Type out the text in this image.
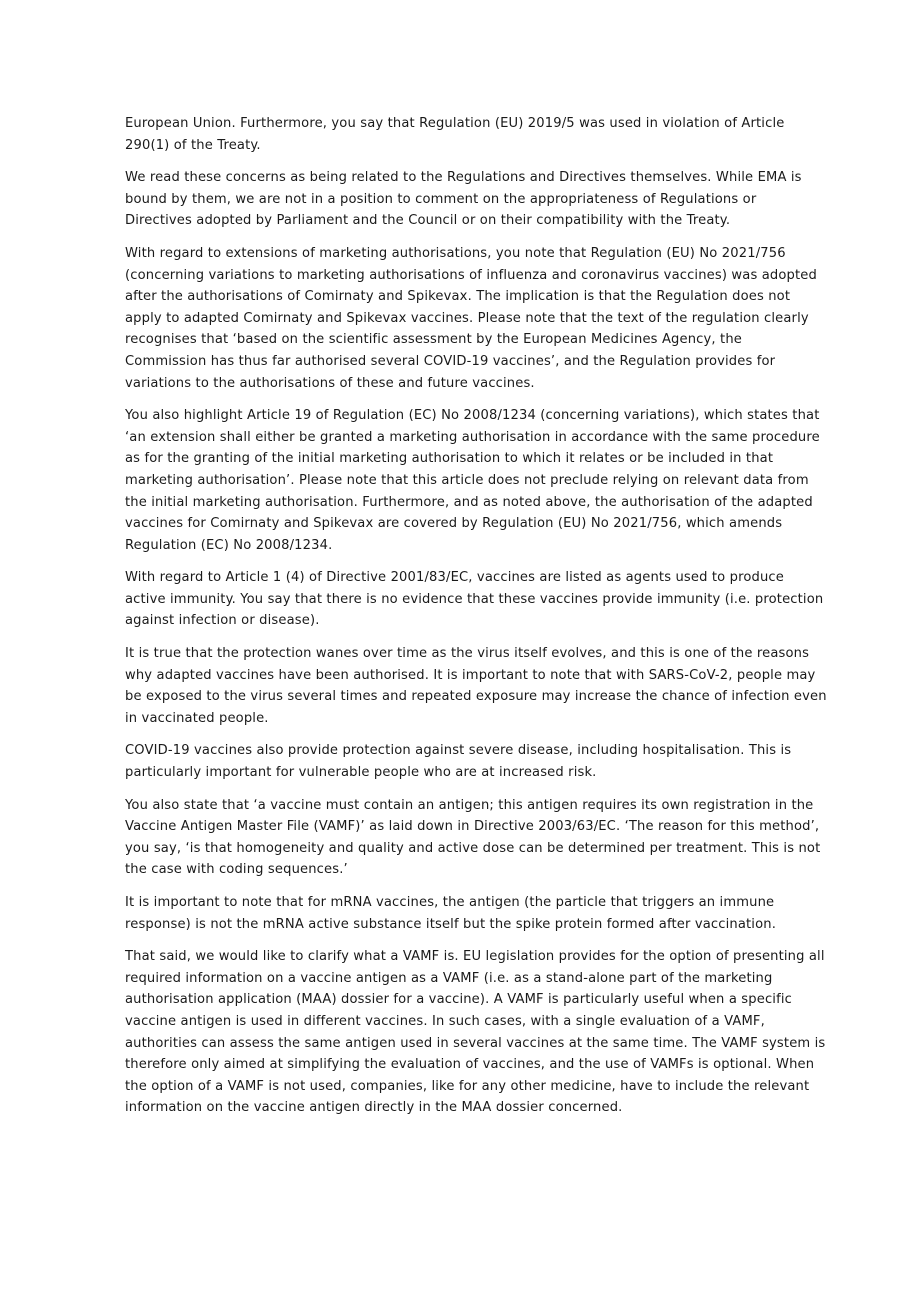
European Union. Furthermore, you say that Regulation (EU) 2019/5 was used in violation of Article 290(1) of the Treaty.

We read these concerns as being related to the Regulations and Directives themselves. While EMA is bound by them, we are not in a position to comment on the appropriateness of Regulations or Directives adopted by Parliament and the Council or on their compatibility with the Treaty.

With regard to extensions of marketing authorisations, you note that Regulation (EU) No 2021/756 (concerning variations to marketing authorisations of influenza and coronavirus vaccines) was adopted after the authorisations of Comirnaty and Spikevax. The implication is that the Regulation does not apply to adapted Comirnaty and Spikevax vaccines. Please note that the text of the regulation clearly recognises that ‘based on the scientific assessment by the European Medicines Agency, the Commission has thus far authorised several COVID-19 vaccines’, and the Regulation provides for variations to the authorisations of these and future vaccines.

You also highlight Article 19 of Regulation (EC) No 2008/1234 (concerning variations), which states that ‘an extension shall either be granted a marketing authorisation in accordance with the same procedure as for the granting of the initial marketing authorisation to which it relates or be included in that marketing authorisation’. Please note that this article does not preclude relying on relevant data from the initial marketing authorisation. Furthermore, and as noted above, the authorisation of the adapted vaccines for Comirnaty and Spikevax are covered by Regulation (EU) No 2021/756, which amends Regulation (EC) No 2008/1234.

With regard to Article 1 (4) of Directive 2001/83/EC, vaccines are listed as agents used to produce active immunity. You say that there is no evidence that these vaccines provide immunity (i.e. protection against infection or disease).

It is true that the protection wanes over time as the virus itself evolves, and this is one of the reasons why adapted vaccines have been authorised. It is important to note that with SARS-CoV-2, people may be exposed to the virus several times and repeated exposure may increase the chance of infection even in vaccinated people.

COVID-19 vaccines also provide protection against severe disease, including hospitalisation. This is particularly important for vulnerable people who are at increased risk.

You also state that ‘a vaccine must contain an antigen; this antigen requires its own registration in the Vaccine Antigen Master File (VAMF)’ as laid down in Directive 2003/63/EC. ‘The reason for this method’, you say, ‘is that homogeneity and quality and active dose can be determined per treatment. This is not the case with coding sequences.’

It is important to note that for mRNA vaccines, the antigen (the particle that triggers an immune response) is not the mRNA active substance itself but the spike protein formed after vaccination.

That said, we would like to clarify what a VAMF is. EU legislation provides for the option of presenting all required information on a vaccine antigen as a VAMF (i.e. as a stand-alone part of the marketing authorisation application (MAA) dossier for a vaccine). A VAMF is particularly useful when a specific vaccine antigen is used in different vaccines. In such cases, with a single evaluation of a VAMF, authorities can assess the same antigen used in several vaccines at the same time. The VAMF system is therefore only aimed at simplifying the evaluation of vaccines, and the use of VAMFs is optional. When the option of a VAMF is not used, companies, like for any other medicine, have to include the relevant information on the vaccine antigen directly in the MAA dossier concerned.
